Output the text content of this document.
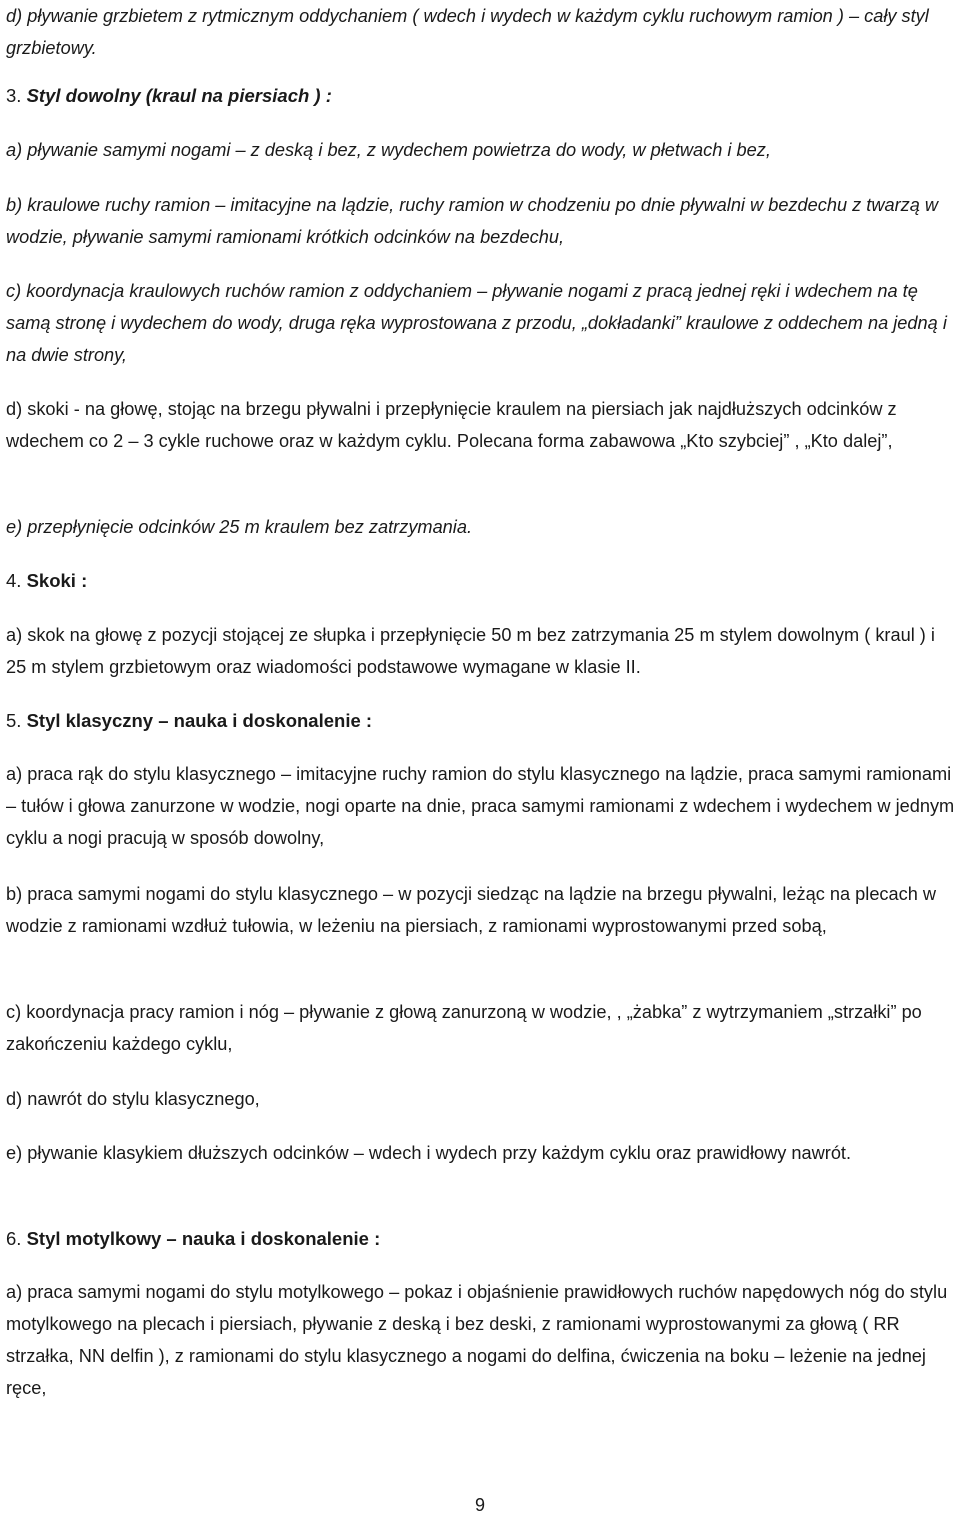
d) pływanie grzbietem z rytmicznym oddychaniem ( wdech i wydech w każdym cyklu ruchowym ramion ) – cały styl grzbietowy.

3. Styl dowolny (kraul na piersiach ) :

a) pływanie samymi nogami – z deską i bez, z wydechem powietrza do wody, w płetwach i bez,

b) kraulowe ruchy ramion – imitacyjne na lądzie, ruchy ramion w chodzeniu po dnie pływalni w bezdechu z twarzą w wodzie, pływanie samymi ramionami krótkich odcinków na bezdechu,

c) koordynacja kraulowych ruchów ramion z oddychaniem – pływanie nogami z pracą jednej ręki i wdechem na tę samą stronę i wydechem do wody, druga ręka wyprostowana z przodu, „dokładanki” kraulowe z oddechem na jedną i na dwie strony,

d) skoki - na głowę, stojąc na brzegu pływalni i przepłynięcie kraulem na piersiach jak najdłuższych odcinków z wdechem co 2 – 3 cykle ruchowe oraz w każdym cyklu. Polecana forma zabawowa „Kto szybciej” , „Kto dalej”,

e) przepłynięcie odcinków 25 m kraulem bez zatrzymania.

4. Skoki :

a) skok na głowę z pozycji stojącej ze słupka i przepłynięcie 50 m bez zatrzymania 25 m stylem dowolnym ( kraul ) i 25 m stylem grzbietowym oraz wiadomości podstawowe wymagane w klasie II.

5. Styl klasyczny – nauka i doskonalenie :

a) praca rąk do stylu klasycznego – imitacyjne ruchy ramion do stylu klasycznego na lądzie, praca samymi ramionami – tułów i głowa zanurzone w wodzie, nogi oparte na dnie, praca samymi ramionami z wdechem i wydechem w jednym cyklu a nogi pracują w sposób dowolny,

b) praca samymi nogami do stylu klasycznego – w pozycji siedząc na lądzie na brzegu pływalni, leżąc na plecach w wodzie z ramionami wzdłuż tułowia, w leżeniu na piersiach, z ramionami wyprostowanymi przed sobą,

c) koordynacja pracy ramion i nóg – pływanie z głową zanurzoną w wodzie, , „żabka” z wytrzymaniem „strzałki” po zakończeniu każdego cyklu,

d) nawrót do stylu klasycznego,

e) pływanie klasykiem dłuższych odcinków – wdech i wydech przy każdym cyklu oraz prawidłowy nawrót.

6. Styl motylkowy – nauka i doskonalenie :

a) praca samymi nogami do stylu motylkowego – pokaz i objaśnienie prawidłowych ruchów napędowych nóg do stylu motylkowego na plecach i piersiach, pływanie z deską i bez deski, z ramionami wyprostowanymi za głową ( RR strzałka, NN delfin ), z ramionami do stylu klasycznego a nogami do delfina, ćwiczenia na boku – leżenie na jednej ręce,

9
